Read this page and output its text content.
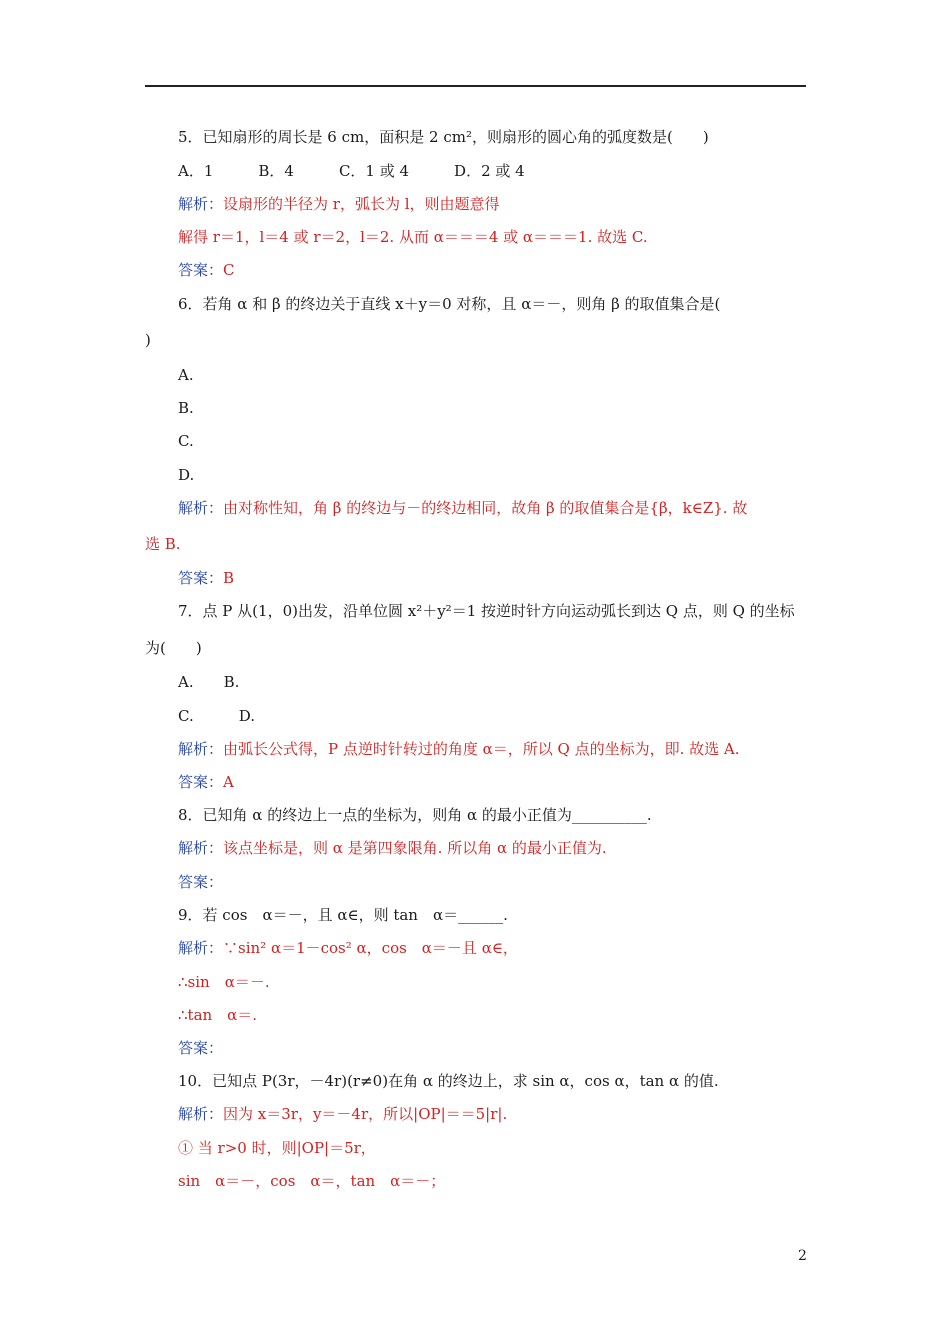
5．已知扇形的周长是 6 cm，面积是 2 cm²，则扇形的圆心角的弧度数是(　　)
A．1　　　B．4　　　C．1 或 4　　　D．2 或 4
解析：设扇形的半径为 r，弧长为 l，则由题意得
解得 r＝1，l＝4 或 r＝2，l＝2. 从而 α＝＝＝4 或 α＝＝＝1. 故选 C.
答案：C
6．若角 α 和 β 的终边关于直线 x＋y＝0 对称，且 α＝－，则角 β 的取值集合是(
)
A.
B.
C.
D.
解析：由对称性知，角 β 的终边与－的终边相同，故角 β 的取值集合是{β，k∈Z}. 故
选 B.
答案：B
7．点 P 从(1，0)出发，沿单位圆 x²＋y²＝1 按逆时针方向运动弧长到达 Q 点，则 Q 的坐标
为(　　)
A.　　B.
C.　　　D.
解析：由弧长公式得，P 点逆时针转过的角度 α＝，所以 Q 点的坐标为，即. 故选 A.
答案：A
8．已知角 α 的终边上一点的坐标为，则角 α 的最小正值为__________.
解析：该点坐标是，则 α 是第四象限角. 所以角 α 的最小正值为.
答案：
9．若 cos　α＝－，且 α∈，则 tan　α＝______.
解析：∵sin² α＝1－cos² α，cos　α＝－且 α∈，
∴sin　α＝－.
∴tan　α＝.
答案：
10．已知点 P(3r，－4r)(r≠0)在角 α 的终边上，求 sin α，cos α，tan α 的值.
解析：因为 x＝3r，y＝－4r，所以|OP|＝＝5|r|.
① 当 r>0 时，则|OP|＝5r，
sin　α＝－，cos　α＝，tan　α＝－；
2
